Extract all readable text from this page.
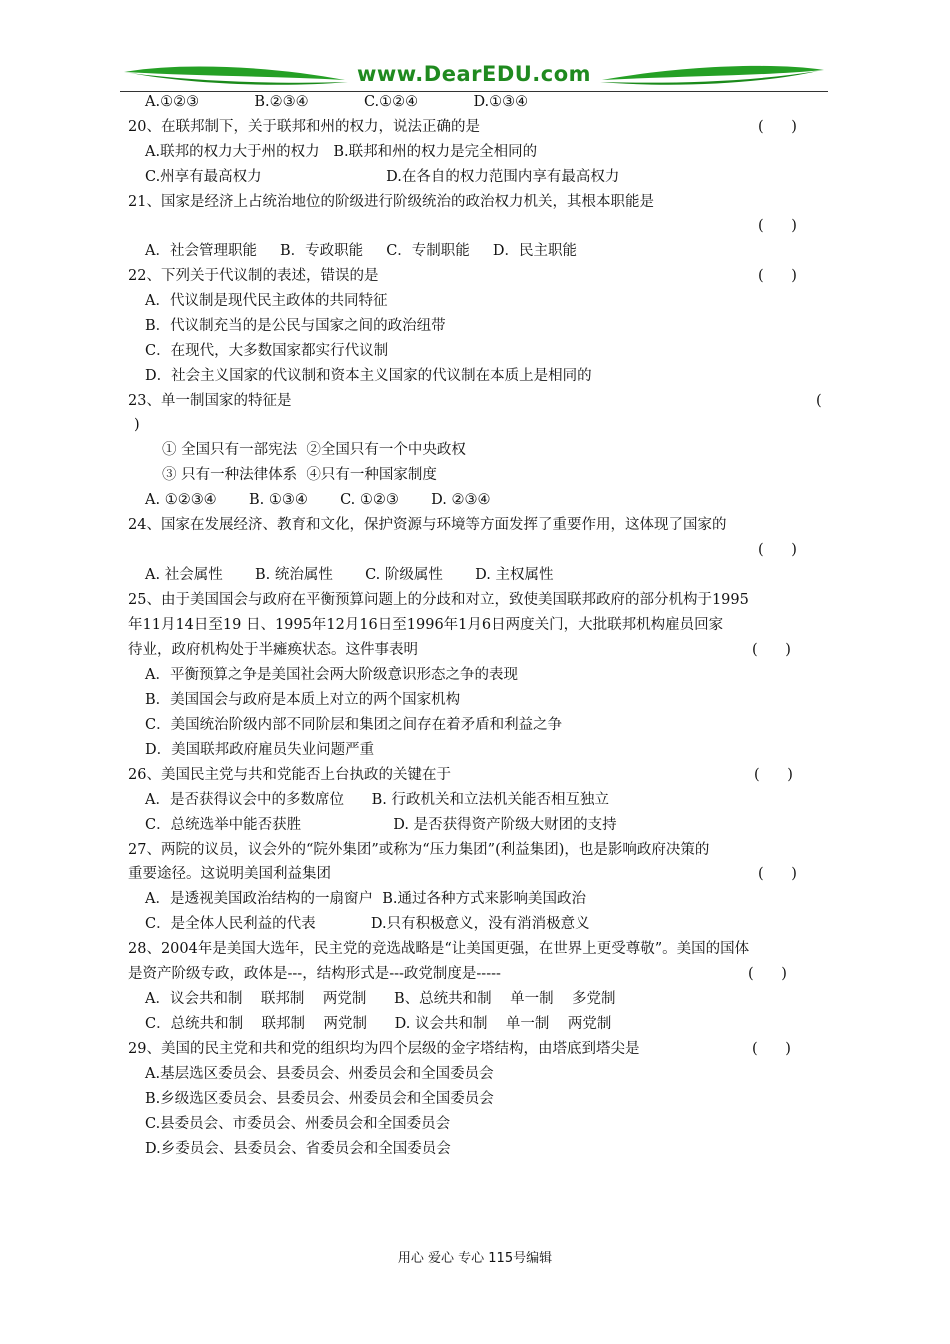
www.DearEDU.com
A.①②③            B.②③④            C.①②④            D.①③④
20、在联邦制下，关于联邦和州的权力，说法正确的是	(      )
A.联邦的权力大于州的权力   B.联邦和州的权力是完全相同的
C.州享有最高权力                           D.在各自的权力范围内享有最高权力
21、国家是经济上占统治地位的阶级进行阶级统治的政治权力机关，其根本职能是
(      )
A．社会管理职能     B．专政职能     C．专制职能     D．民主职能
22、下列关于代议制的表述，错误的是	(      )
A．代议制是现代民主政体的共同特征
B．代议制充当的是公民与国家之间的政治纽带
C．在现代，大多数国家都实行代议制
D．社会主义国家的代议制和资本主义国家的代议制在本质上是相同的
23、单一制国家的特征是	(
)
① 全国只有一部宪法  ②全国只有一个中央政权
③ 只有一种法律体系  ④只有一种国家制度
A. ①②③④       B. ①③④       C. ①②③       D. ②③④
24、国家在发展经济、教育和文化，保护资源与环境等方面发挥了重要作用，这体现了国家的
(      )
A. 社会属性       B. 统治属性       C. 阶级属性       D. 主权属性
25、由于美国国会与政府在平衡预算问题上的分歧和对立，致使美国联邦政府的部分机构于1995
年11月14日至19 日、1995年12月16日至1996年1月6日两度关门，大批联邦机构雇员回家
待业，政府机构处于半瘫痪状态。这件事表明	(      )
A．平衡预算之争是美国社会两大阶级意识形态之争的表现
B．美国国会与政府是本质上对立的两个国家机构
C．美国统治阶级内部不同阶层和集团之间存在着矛盾和利益之争
D．美国联邦政府雇员失业问题严重
26、美国民主党与共和党能否上台执政的关键在于	(      )
A．是否获得议会中的多数席位      B. 行政机关和立法机关能否相互独立
C．总统选举中能否获胜                    D. 是否获得资产阶级大财团的支持
27、两院的议员，议会外的“院外集团”或称为“压力集团”(利益集团)，也是影响政府决策的
重要途径。这说明美国利益集团	(      )
A．是透视美国政治结构的一扇窗户  B.通过各种方式来影响美国政治
C．是全体人民利益的代表            D.只有积极意义，没有消消极意义
28、2004年是美国大选年，民主党的竞选战略是“让美国更强，在世界上更受尊敬”。美国的国体
是资产阶级专政，政体是---，结构形式是---政党制度是-----	(      )
A．议会共和制    联邦制    两党制      B、总统共和制    单一制    多党制
C．总统共和制    联邦制    两党制      D. 议会共和制    单一制    两党制
29、美国的民主党和共和党的组织均为四个层级的金字塔结构，由塔底到塔尖是	(      )
A.基层选区委员会、县委员会、州委员会和全国委员会
B.乡级选区委员会、县委员会、州委员会和全国委员会
C.县委员会、市委员会、州委员会和全国委员会
D.乡委员会、县委员会、省委员会和全国委员会
用心 爱心 专心 115号编辑
